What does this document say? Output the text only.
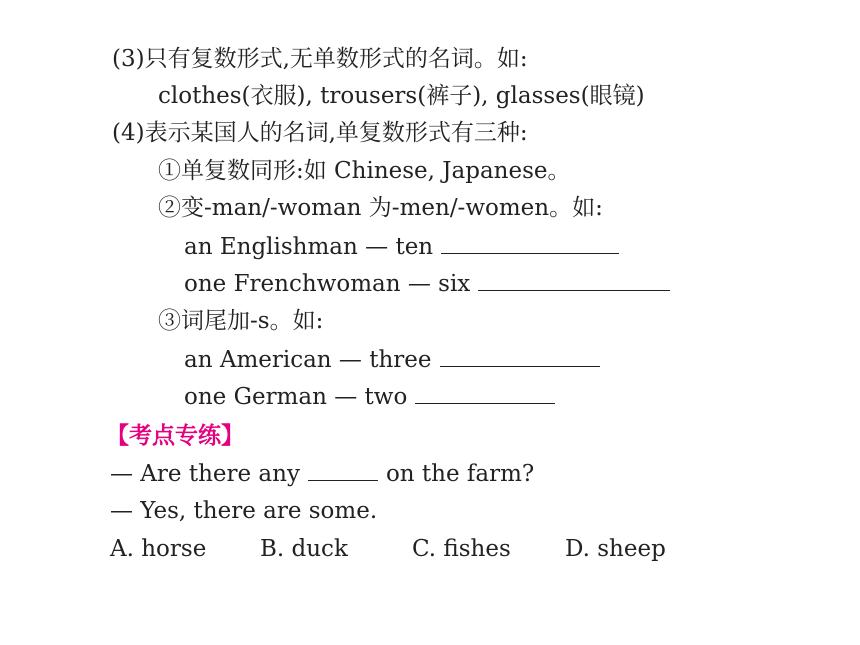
(3)只有复数形式,无单数形式的名词。如:
clothes(衣服), trousers(裤子), glasses(眼镜)
(4)表示某国人的名词,单复数形式有三种:
①单复数同形:如 Chinese, Japanese。
②变-man/-woman 为-men/-women。如:
an Englishman — ten
one Frenchwoman — six
③词尾加-s。如:
an American — three
one German — two
【考点专练】
— Are there any	on the farm?
— Yes, there are some.
A. horse B. duck	C. fishes D. sheep
